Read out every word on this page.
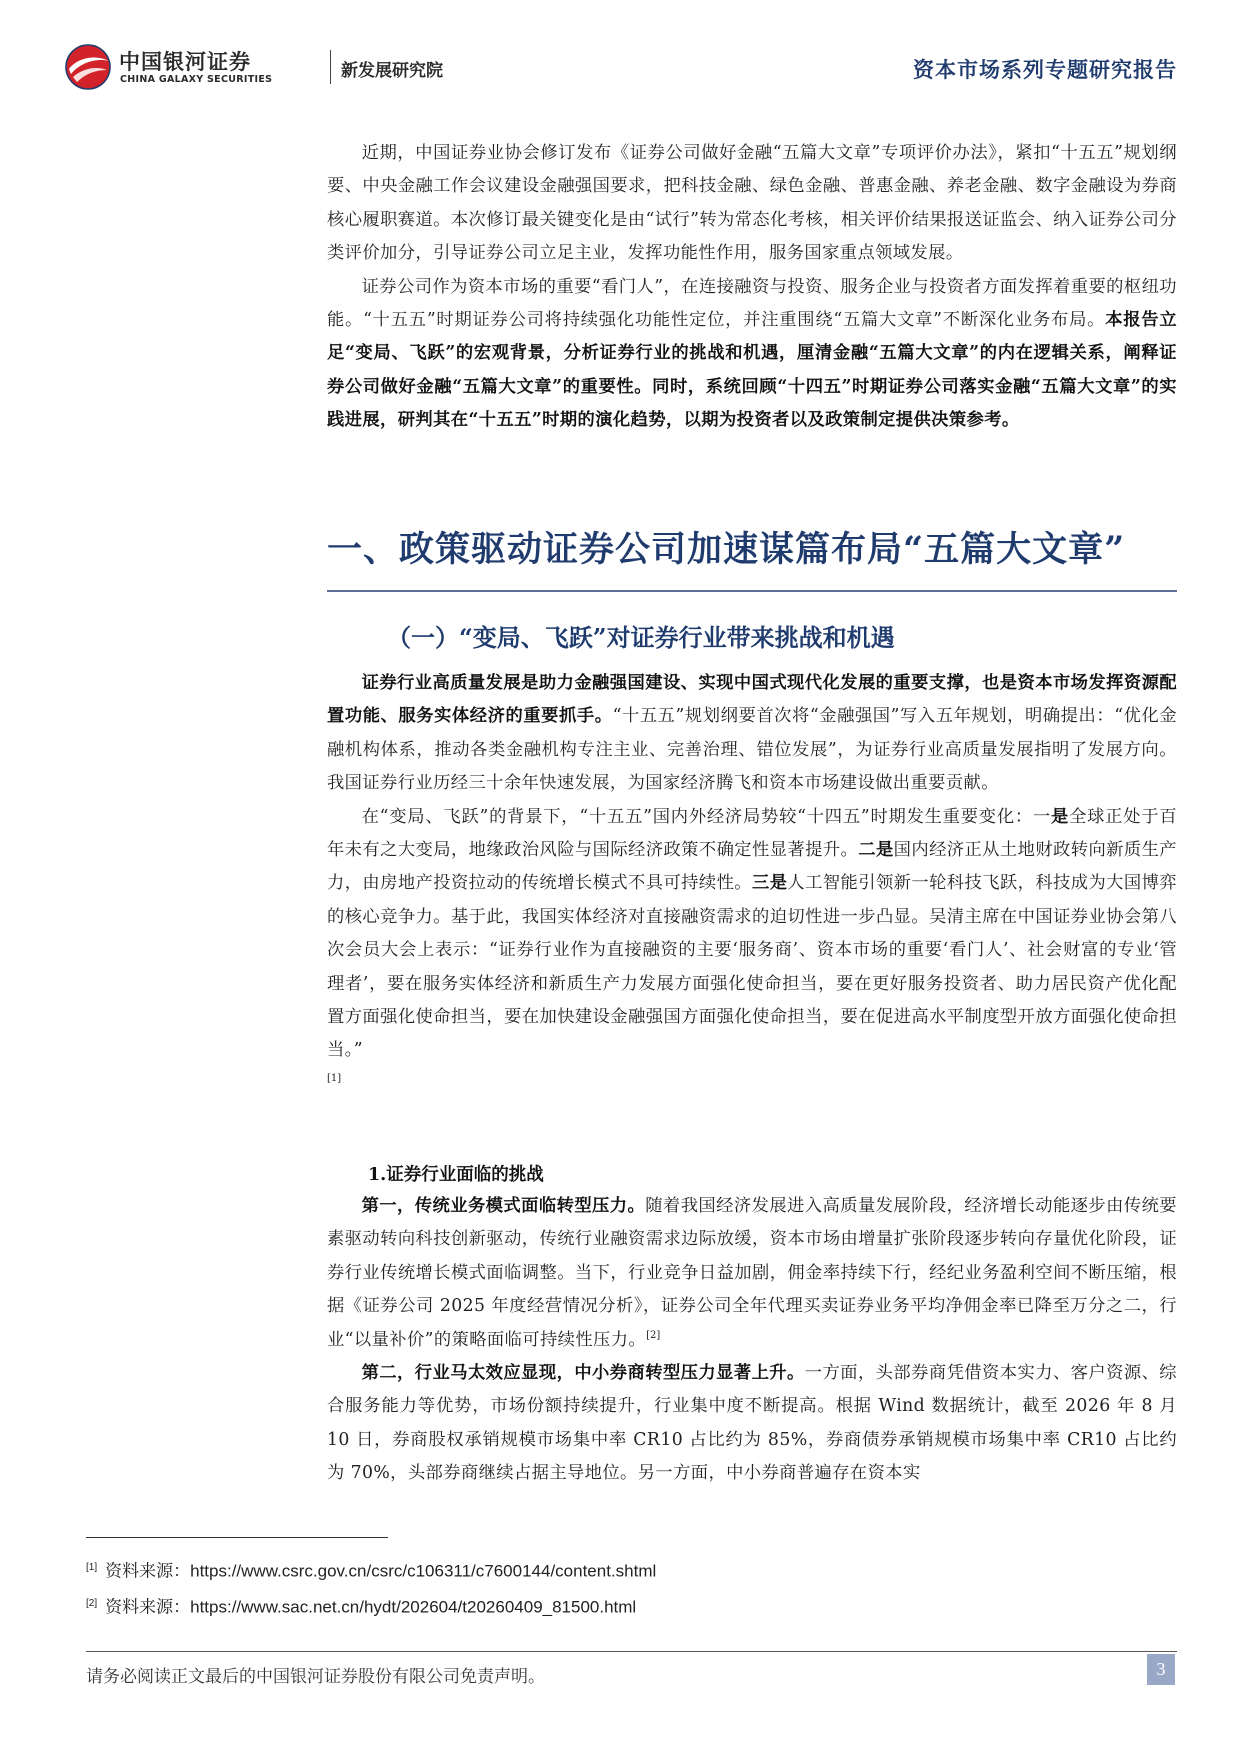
中国银河证券
CHINA GALAXY SECURITIES	新发展研究院	资本市场系列专题研究报告

近期，中国证券业协会修订发布《证券公司做好金融“五篇大文章”专项评价办法》，紧扣“十五五”规划纲要、中央金融工作会议建设金融强国要求，把科技金融、绿色金融、普惠金融、养老金融、数字金融设为券商核心履职赛道。本次修订最关键变化是由“试行”转为常态化考核，相关评价结果报送证监会、纳入证券公司分类评价加分，引导证券公司立足主业，发挥功能性作用，服务国家重点领域发展。

证券公司作为资本市场的重要“看门人”，在连接融资与投资、服务企业与投资者方面发挥着重要的枢纽功能。“十五五”时期证券公司将持续强化功能性定位，并注重围绕“五篇大文章”不断深化业务布局。本报告立足“变局、飞跃”的宏观背景，分析证券行业的挑战和机遇，厘清金融“五篇大文章”的内在逻辑关系，阐释证券公司做好金融“五篇大文章”的重要性。同时，系统回顾“十四五”时期证券公司落实金融“五篇大文章”的实践进展，研判其在“十五五”时期的演化趋势，以期为投资者以及政策制定提供决策参考。

一、政策驱动证券公司加速谋篇布局“五篇大文章”
（一）“变局、飞跃”对证券行业带来挑战和机遇

证券行业高质量发展是助力金融强国建设、实现中国式现代化发展的重要支撑，也是资本市场发挥资源配置功能、服务实体经济的重要抓手。“十五五”规划纲要首次将“金融强国”写入五年规划，明确提出：“优化金融机构体系，推动各类金融机构专注主业、完善治理、错位发展”，为证券行业高质量发展指明了发展方向。我国证券行业历经三十余年快速发展，为国家经济腾飞和资本市场建设做出重要贡献。

在“变局、飞跃”的背景下，“十五五”国内外经济局势较“十四五”时期发生重要变化：一是全球正处于百年未有之大变局，地缘政治风险与国际经济政策不确定性显著提升。二是国内经济正从土地财政转向新质生产力，由房地产投资拉动的传统增长模式不具可持续性。三是人工智能引领新一轮科技飞跃，科技成为大国博弈的核心竞争力。基于此，我国实体经济对直接融资需求的迫切性进一步凸显。吴清主席在中国证券业协会第八次会员大会上表示：“证券行业作为直接融资的主要‘服务商’、资本市场的重要‘看门人’、社会财富的专业‘管理者’，要在服务实体经济和新质生产力发展方面强化使命担当，要在更好服务投资者、助力居民资产优化配置方面强化使命担当，要在加快建设金融强国方面强化使命担当，要在促进高水平制度型开放方面强化使命担当。”

[1]
1.证券行业面临的挑战

第一，传统业务模式面临转型压力。随着我国经济发展进入高质量发展阶段，经济增长动能逐步由传统要素驱动转向科技创新驱动，传统行业融资需求边际放缓，资本市场由增量扩张阶段逐步转向存量优化阶段，证券行业传统增长模式面临调整。当下，行业竞争日益加剧，佣金率持续下行，经纪业务盈利空间不断压缩，根据《证券公司 2025 年度经营情况分析》，证券公司全年代理买卖证券业务平均净佣金率已降至万分之二，行业“以量补价”的策略面临可持续性压力。[2]

第二，行业马太效应显现，中小券商转型压力显著上升。一方面，头部券商凭借资本实力、客户资源、综合服务能力等优势，市场份额持续提升，行业集中度不断提高。根据 Wind 数据统计，截至 2026 年 8 月 10 日，券商股权承销规模市场集中率 CR10 占比约为 85%，券商债券承销规模市场集中率 CR10 占比约为 70%，头部券商继续占据主导地位。另一方面，中小券商普遍存在资本实

[1] 资料来源：https://www.csrc.gov.cn/csrc/c106311/c7600144/content.shtml
[2] 资料来源：https://www.sac.net.cn/hydt/202604/t20260409_81500.html
请务必阅读正文最后的中国银河证券股份有限公司免责声明。	3
